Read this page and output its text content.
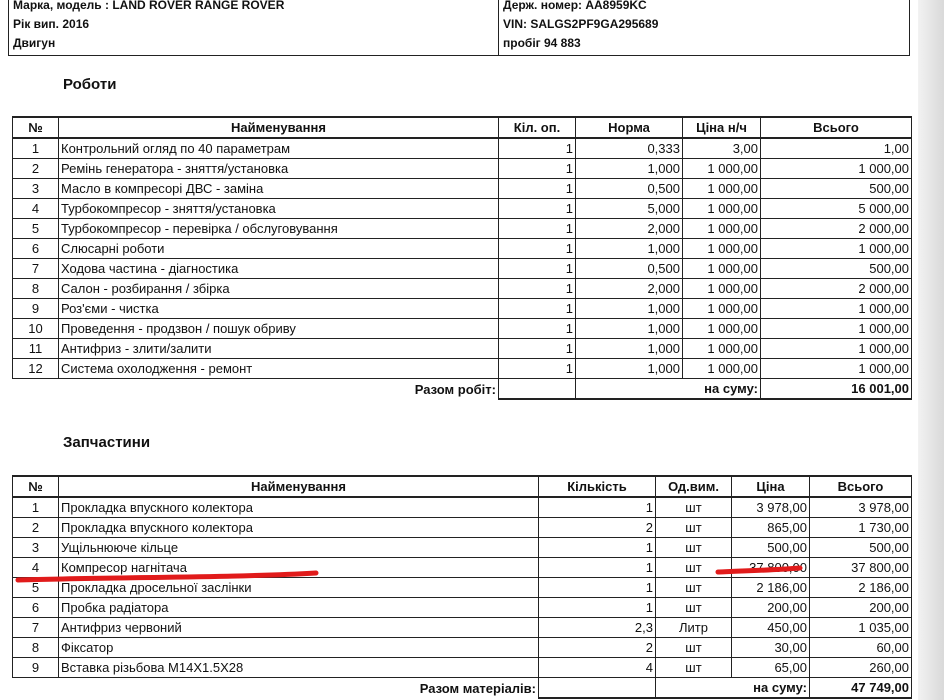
Марка, модель : LAND ROVER RANGE ROVER
Рік вип. 2016
Двигун
Держ. номер: AA8959KC
VIN: SALGS2PF9GA295689
пробіг 94 883
Роботи
№	Найменування	Кіл. оп.	Норма	Ціна н/ч	Всього
1	Контрольний огляд по 40 параметрам	1	0,333	3,00	1,00
2	Ремінь генератора - зняття/установка	1	1,000	1 000,00	1 000,00
3	Масло в компресорі ДВС - заміна	1	0,500	1 000,00	500,00
4	Турбокомпресор - зняття/установка	1	5,000	1 000,00	5 000,00
5	Турбокомпресор - перевірка / обслуговування	1	2,000	1 000,00	2 000,00
6	Слюсарні роботи	1	1,000	1 000,00	1 000,00
7	Ходова частина - діагностика	1	0,500	1 000,00	500,00
8	Салон - розбирання / збірка	1	2,000	1 000,00	2 000,00
9	Роз'єми - чистка	1	1,000	1 000,00	1 000,00
10	Проведення - продзвон / пошук обриву	1	1,000	1 000,00	1 000,00
11	Антифриз - злити/залити	1	1,000	1 000,00	1 000,00
12	Система охолодження - ремонт	1	1,000	1 000,00	1 000,00
	Разом робіт:		на суму:		16 001,00
Запчастини
№	Найменування	Кількість	Од.вим.	Ціна	Всього
1	Прокладка впускного колектора	1	шт	3 978,00	3 978,00
2	Прокладка впускного колектора	2	шт	865,00	1 730,00
3	Ущільнююче кільце	1	шт	500,00	500,00
4	Компресор нагнітача	1	шт	37 800,00	37 800,00
5	Прокладка дросельної заслінки	1	шт	2 186,00	2 186,00
6	Пробка радіатора	1	шт	200,00	200,00
7	Антифриз червоний	2,3	Литр	450,00	1 035,00
8	Фіксатор	2	шт	30,00	60,00
9	Вставка різьбова М14Х1.5Х28	4	шт	65,00	260,00
Разом матеріалів:			на суму:		47 749,00
